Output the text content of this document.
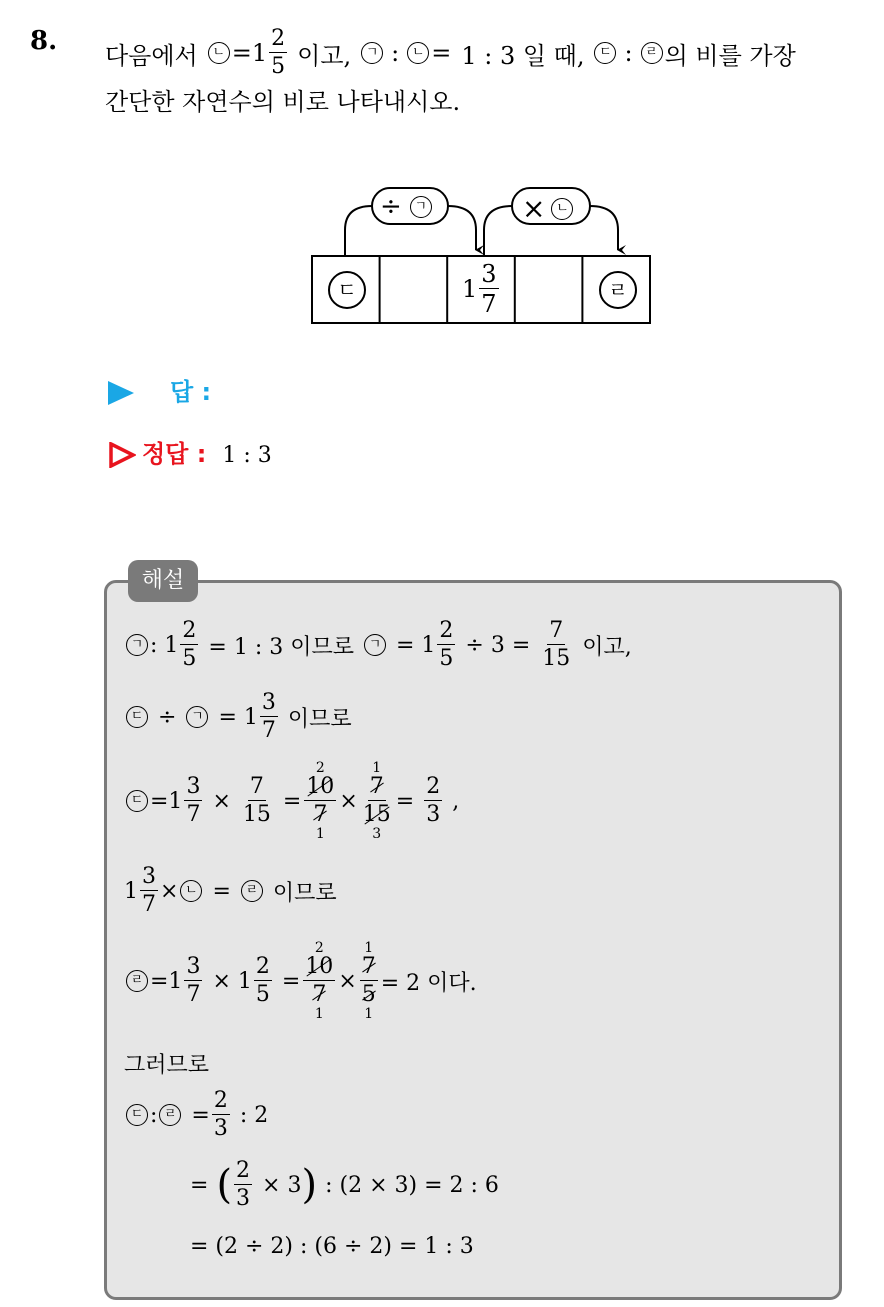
8. 다음에서	ㄴ = $1 \frac{2}{5}$ 이고,	ㄱ : ㄴ = 1 : 3 일 때,	ㄷ : ㄹ 의 비를 가장
간단한 자연수의 비로 나타내시오.
÷ ㄱ	× ㄴ
ㄷ	$1 \frac{3}{7}$	ㄹ
답 :
정답 : 1 : 3
해설
ㄱ : $1 \frac{2}{5} = 1$ : 3 이므로	ㄱ = $1 \frac{2}{5} \div 3 = \frac{7}{15}$ 이고,
ㄷ ÷	ㄱ = $1 \frac{3}{7}$ 이므로
ㄷ $=1 \frac{3}{7} \times \frac{7}{15}$ =
2
$\frac{10}{7}$
1
×
1
$\frac{7}{15}$
3
= $\frac{2}{3}$ ,
$1 \frac{3}{7}$ × ㄴ =	ㄹ 이므로
ㄹ $=1 \frac{3}{7} \times 1 \frac{2}{5}$ =
2
$\frac{10}{7}$
1
×
1
$\frac{7}{5}$
1
= 2 이다.
그러므로
ㄷ : ㄹ = $\frac{2}{3}$ : 2
= ( $\frac{2}{3} \times 3$ ) : (2 × 3) = 2 : 6
= (2 ÷ 2) : (6 ÷ 2) = 1 : 3
